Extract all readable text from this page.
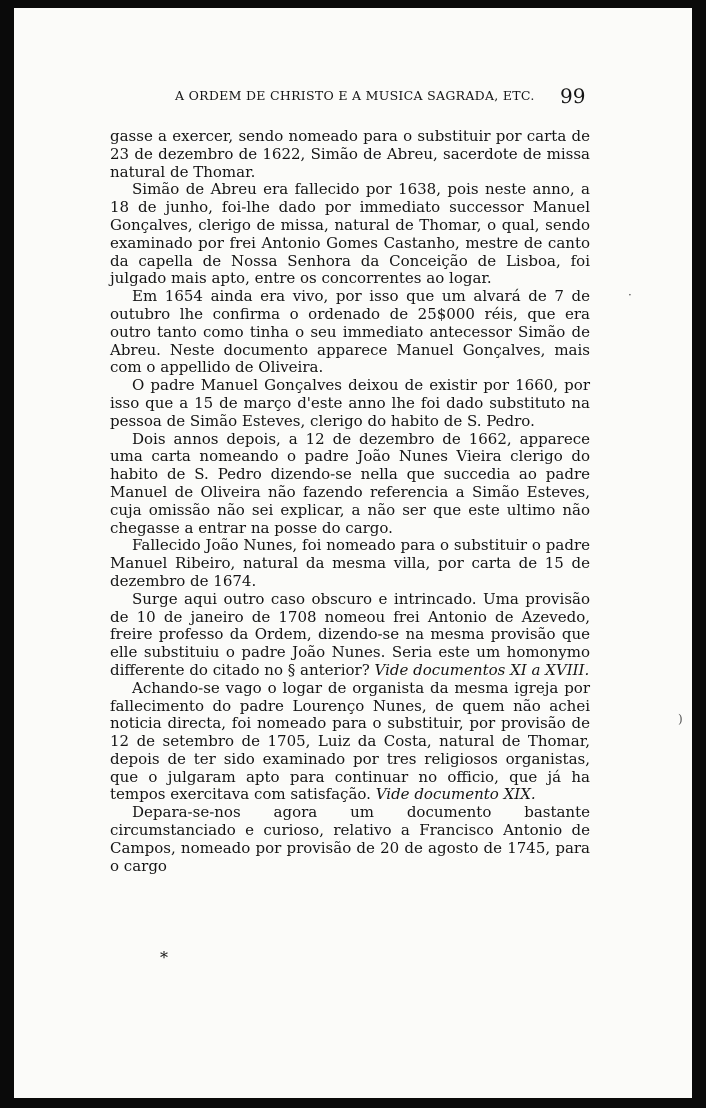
A ORDEM DE CHRISTO E A MUSICA SAGRADA, ETC. 99

gasse a exercer, sendo nomeado para o substituir por carta de 23 de dezembro de 1622, Simão de Abreu, sacerdote de missa natural de Thomar.

Simão de Abreu era fallecido por 1638, pois neste anno, a 18 de junho, foi-lhe dado por immediato successor Manuel Gonçalves, clerigo de missa, natural de Thomar, o qual, sendo examinado por frei Antonio Gomes Castanho, mestre de canto da capella de Nossa Senhora da Conceição de Lisboa, foi julgado mais apto, entre os concorrentes ao logar.

Em 1654 ainda era vivo, por isso que um alvará de 7 de outubro lhe confirma o ordenado de 25$000 réis, que era outro tanto como tinha o seu immediato antecessor Simão de Abreu. Neste documento apparece Manuel Gonçalves, mais com o appellido de Oliveira.

O padre Manuel Gonçalves deixou de existir por 1660, por isso que a 15 de março d'este anno lhe foi dado substituto na pessoa de Simão Esteves, clerigo do habito de S. Pedro.

Dois annos depois, a 12 de dezembro de 1662, apparece uma carta nomeando o padre João Nunes Vieira clerigo do habito de S. Pedro dizendo-se nella que succedia ao padre Manuel de Oliveira não fazendo referencia a Simão Esteves, cuja omissão não sei explicar, a não ser que este ultimo não chegasse a entrar na posse do cargo.

Fallecido João Nunes, foi nomeado para o substituir o padre Manuel Ribeiro, natural da mesma villa, por carta de 15 de dezembro de 1674.

Surge aqui outro caso obscuro e intrincado. Uma provisão de 10 de janeiro de 1708 nomeou frei Antonio de Azevedo, freire professo da Ordem, dizendo-se na mesma provisão que elle substituiu o padre João Nunes. Seria este um homonymo differente do citado no § anterior? Vide documentos XI a XVIII.

Achando-se vago o logar de organista da mesma igreja por fallecimento do padre Lourenço Nunes, de quem não achei noticia directa, foi nomeado para o substituir, por provisão de 12 de setembro de 1705, Luiz da Costa, natural de Thomar, depois de ter sido examinado por tres religiosos organistas, que o julgaram apto para continuar no officio, que já ha tempos exercitava com satisfação. Vide documento XIX.

Depara-se-nos agora um documento bastante circumstanciado e curioso, relativo a Francisco Antonio de Campos, nomeado por provisão de 20 de agosto de 1745, para o cargo

*
·
)
